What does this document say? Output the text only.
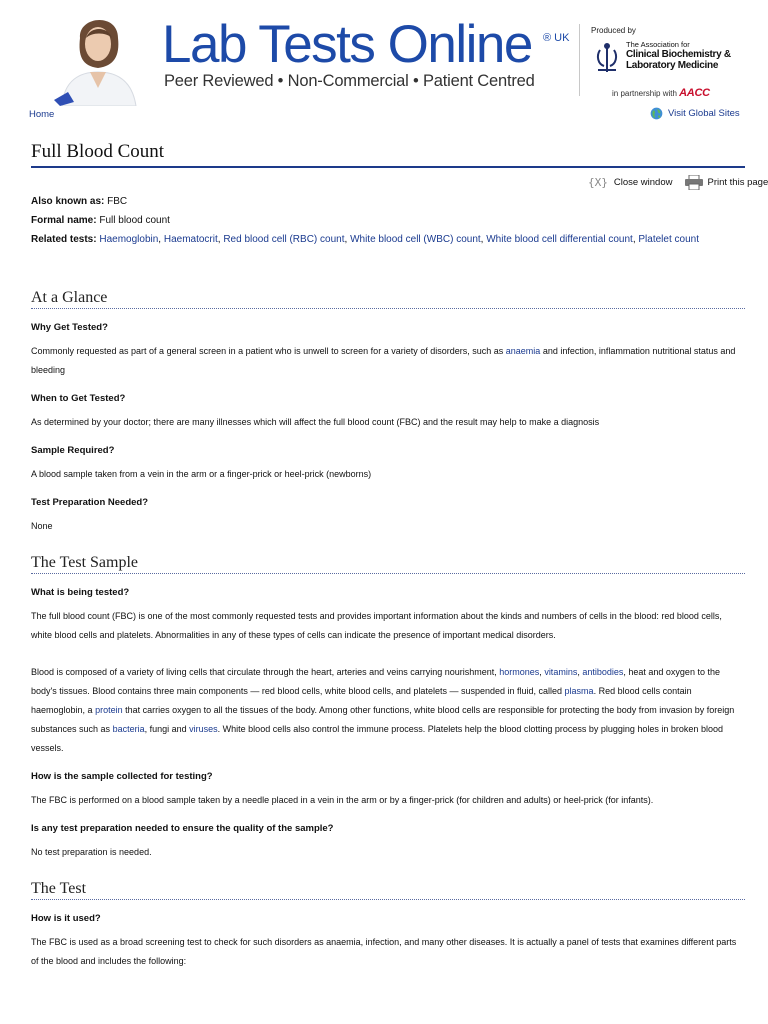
Lab Tests Online ® UK
Peer Reviewed • Non-Commercial • Patient Centred
Produced by
The Association for
Clinical Biochemistry &
Laboratory Medicine
in partnership with AACC
Home	Visit Global Sites
Full Blood Count
{X} Close window	Print this page

Also known as: FBC

Formal name: Full blood count

Related tests: Haemoglobin, Haematocrit, Red blood cell (RBC) count, White blood cell (WBC) count, White blood cell differential count, Platelet count

At a Glance

Why Get Tested?

Commonly requested as part of a general screen in a patient who is unwell to screen for a variety of disorders, such as anaemia and infection, inflammation nutritional status and bleeding

When to Get Tested?

As determined by your doctor; there are many illnesses which will affect the full blood count (FBC) and the result may help to make a diagnosis

Sample Required?

A blood sample taken from a vein in the arm or a finger-prick or heel-prick (newborns)

Test Preparation Needed?

None

The Test Sample

What is being tested?

The full blood count (FBC) is one of the most commonly requested tests and provides important information about the kinds and numbers of cells in the blood: red blood cells, white blood cells and platelets. Abnormalities in any of these types of cells can indicate the presence of important medical disorders.

Blood is composed of a variety of living cells that circulate through the heart, arteries and veins carrying nourishment, hormones, vitamins, antibodies, heat and oxygen to the body's tissues. Blood contains three main components — red blood cells, white blood cells, and platelets — suspended in fluid, called plasma. Red blood cells contain haemoglobin, a protein that carries oxygen to all the tissues of the body. Among other functions, white blood cells are responsible for protecting the body from invasion by foreign substances such as bacteria, fungi and viruses. White blood cells also control the immune process. Platelets help the blood clotting process by plugging holes in broken blood vessels.

How is the sample collected for testing?

The FBC is performed on a blood sample taken by a needle placed in a vein in the arm or by a finger-prick (for children and adults) or heel-prick (for infants).

Is any test preparation needed to ensure the quality of the sample?

No test preparation is needed.

The Test

How is it used?

The FBC is used as a broad screening test to check for such disorders as anaemia, infection, and many other diseases. It is actually a panel of tests that examines different parts of the blood and includes the following:
